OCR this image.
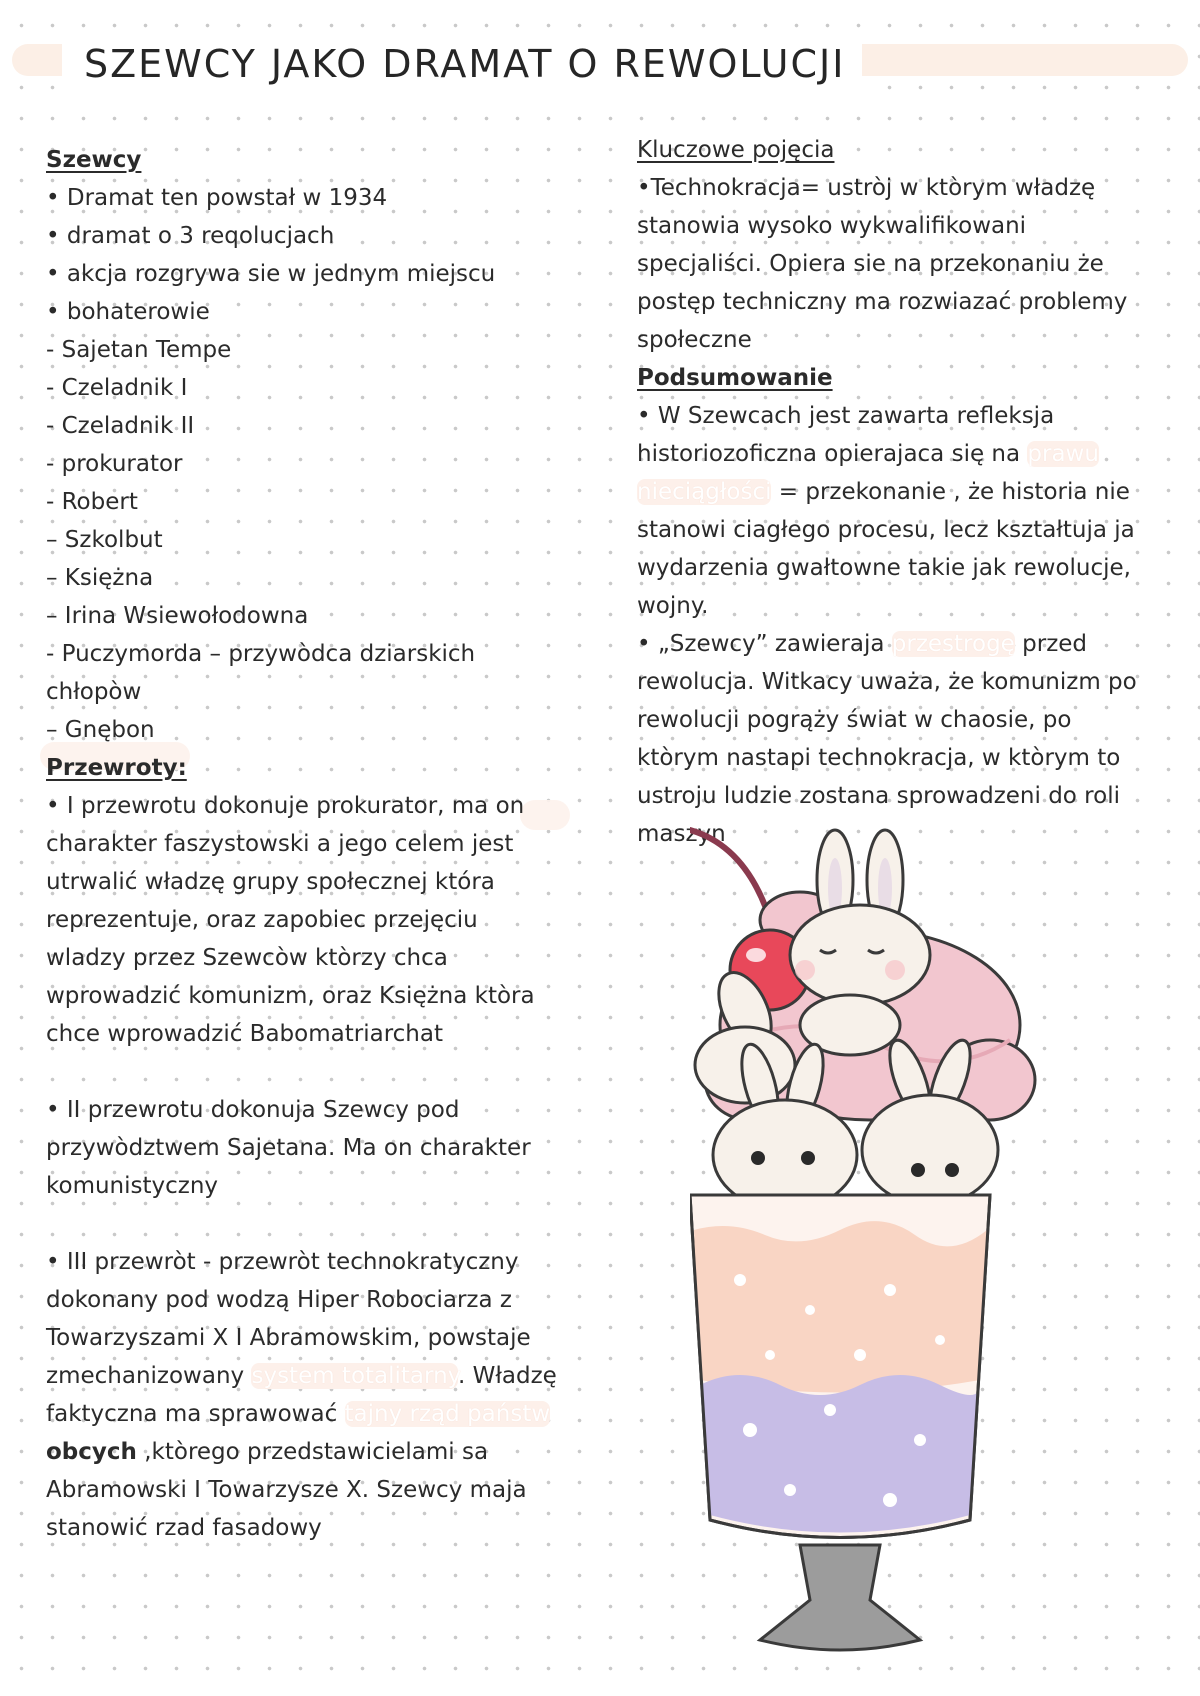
SZEWCY JAKO DRAMAT O REWOLUCJI
Szewcy
• Dramat ten powstał w 1934
• dramat o 3 reqolucjach
• akcja rozgrywa sie w jednym miejscu
• bohaterowie
- Sajetan Tempe
- Czeladnik I
- Czeladnik II
- prokurator
- Robert
– Szkolbut
– Księżna
– Irina Wsiewołodowna
- Puczymorda – przywòdca dziarskich
chłopòw
– Gnębon
Przewroty:
• I przewrotu dokonuje prokurator, ma on
charakter faszystowski a jego celem jest
utrwalić władzę grupy społecznej która
reprezentuje, oraz zapobiec przejęciu
wladzy przez Szewcòw ktòrzy chca
wprowadzić komunizm, oraz Księżna ktòra
chce wprowadzić Babomatriarchat
• II przewrotu dokonuja Szewcy pod
przywòdztwem Sajetana. Ma on charakter
komunistyczny
• III przewròt - przewròt technokratyczny
dokonany pod wodzą Hiper Robociarza z
Towarzyszami X I Abramowskim, powstaje
zmechanizowany system totalitarny. Władzę
faktyczna ma sprawować tajny rząd państw
obcych ,ktòrego przedstawicielami sa
Abramowski I Towarzysze X. Szewcy maja
stanowić rzad fasadowy
Kluczowe pojęcia
•Technokracja= ustròj w ktòrym władzę
stanowia wysoko wykwalifikowani
specjaliści. Opiera sie na przekonaniu że
postęp techniczny ma rozwiazać problemy
społeczne
Podsumowanie
• W Szewcach jest zawarta refleksja
historiozoficzna opierajaca się na prawu
nieciągłości = przekonanie , że historia nie
stanowi ciagłego procesu, lecz kształtuja ja
wydarzenia gwałtowne takie jak rewolucje,
wojny.
• „Szewcy” zawieraja przestrogę przed
rewolucja. Witkacy uważa, że komunizm po
rewolucji pogrąży świat w chaosie, po
ktòrym nastapi technokracja, w ktòrym to
ustroju ludzie zostana sprowadzeni do roli
maszyn
